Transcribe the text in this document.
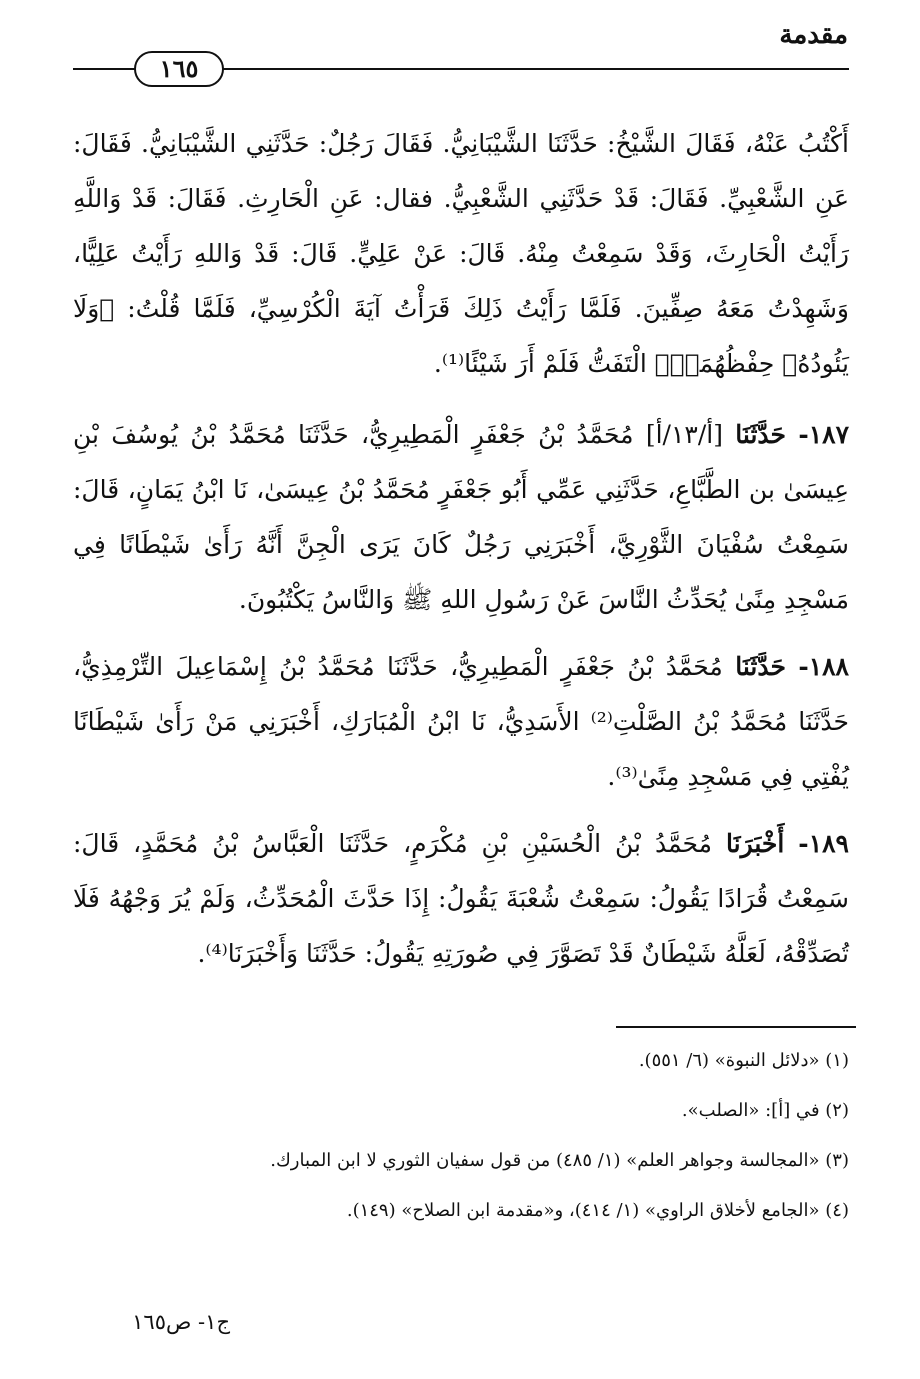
مقدمة
١٦٥

أَكْتُبُ عَنْهُ، فَقَالَ الشَّيْخُ: حَدَّثَنَا الشَّيْبَانِيُّ. فَقَالَ رَجُلٌ: حَدَّثَنِي الشَّيْبَانِيُّ. فَقَالَ: عَنِ الشَّعْبِيِّ. فَقَالَ: قَدْ حَدَّثَنِي الشَّعْبِيُّ. فقال: عَنِ الْحَارِثِ. فَقَالَ: قَدْ وَاللَّهِ رَأَيْتُ الْحَارِثَ، وَقَدْ سَمِعْتُ مِنْهُ. قَالَ: عَنْ عَلِيٍّ. قَالَ: قَدْ وَاللهِ رَأَيْتُ عَلِيًّا، وَشَهِدْتُ مَعَهُ صِفِّينَ. فَلَمَّا رَأَيْتُ ذَلِكَ قَرَأْتُ آيَةَ الْكُرْسِيِّ، فَلَمَّا قُلْتُ: ﴿وَلَا يَئُودُهُۥ حِفْظُهُمَاۚ﴾ الْتَفَتُّ فَلَمْ أَرَ شَيْئًا⁽¹⁾.

١٨٧- حَدَّثَنَا [أ/١٣/أ] مُحَمَّدُ بْنُ جَعْفَرٍ الْمَطِيرِيُّ، حَدَّثَنَا مُحَمَّدُ بْنُ يُوسُفَ بْنِ عِيسَىٰ بن الطَّبَّاعِ، حَدَّثَنِي عَمِّي أَبُو جَعْفَرٍ مُحَمَّدُ بْنُ عِيسَىٰ، نَا ابْنُ يَمَانٍ، قَالَ: سَمِعْتُ سُفْيَانَ الثَّوْرِيَّ، أَخْبَرَنِي رَجُلٌ كَانَ يَرَى الْجِنَّ أَنَّهُ رَأَىٰ شَيْطَانًا فِي مَسْجِدِ مِنًىٰ يُحَدِّثُ النَّاسَ عَنْ رَسُولِ اللهِ ﷺ وَالنَّاسُ يَكْتُبُونَ.

١٨٨- حَدَّثَنَا مُحَمَّدُ بْنُ جَعْفَرٍ الْمَطِيرِيُّ، حَدَّثَنَا مُحَمَّدُ بْنُ إِسْمَاعِيلَ التِّرْمِذِيُّ، حَدَّثَنَا مُحَمَّدُ بْنُ الصَّلْتِ⁽²⁾ الأَسَدِيُّ، نَا ابْنُ الْمُبَارَكِ، أَخْبَرَنِي مَنْ رَأَىٰ شَيْطَانًا يُفْتِي فِي مَسْجِدِ مِنًىٰ⁽³⁾.

١٨٩- أَخْبَرَنَا مُحَمَّدُ بْنُ الْحُسَيْنِ بْنِ مُكْرَمٍ، حَدَّثَنَا الْعَبَّاسُ بْنُ مُحَمَّدٍ، قَالَ: سَمِعْتُ قُرَادًا يَقُولُ: سَمِعْتُ شُعْبَةَ يَقُولُ: إِذَا حَدَّثَ الْمُحَدِّثُ، وَلَمْ يُرَ وَجْهُهُ فَلَا تُصَدِّقْهُ، لَعَلَّهُ شَيْطَانٌ قَدْ تَصَوَّرَ فِي صُورَتِهِ يَقُولُ: حَدَّثَنَا وَأَخْبَرَنَا⁽⁴⁾.

(١) «دلائل النبوة» (٦/ ٥٥١).

(٢) في [أ]: «الصلب».

(٣) «المجالسة وجواهر العلم» (١/ ٤٨٥) من قول سفيان الثوري لا ابن المبارك.

(٤) «الجامع لأخلاق الراوي» (١/ ٤١٤)، و«مقدمة ابن الصلاح» (١٤٩).

ج١- ص١٦٥
